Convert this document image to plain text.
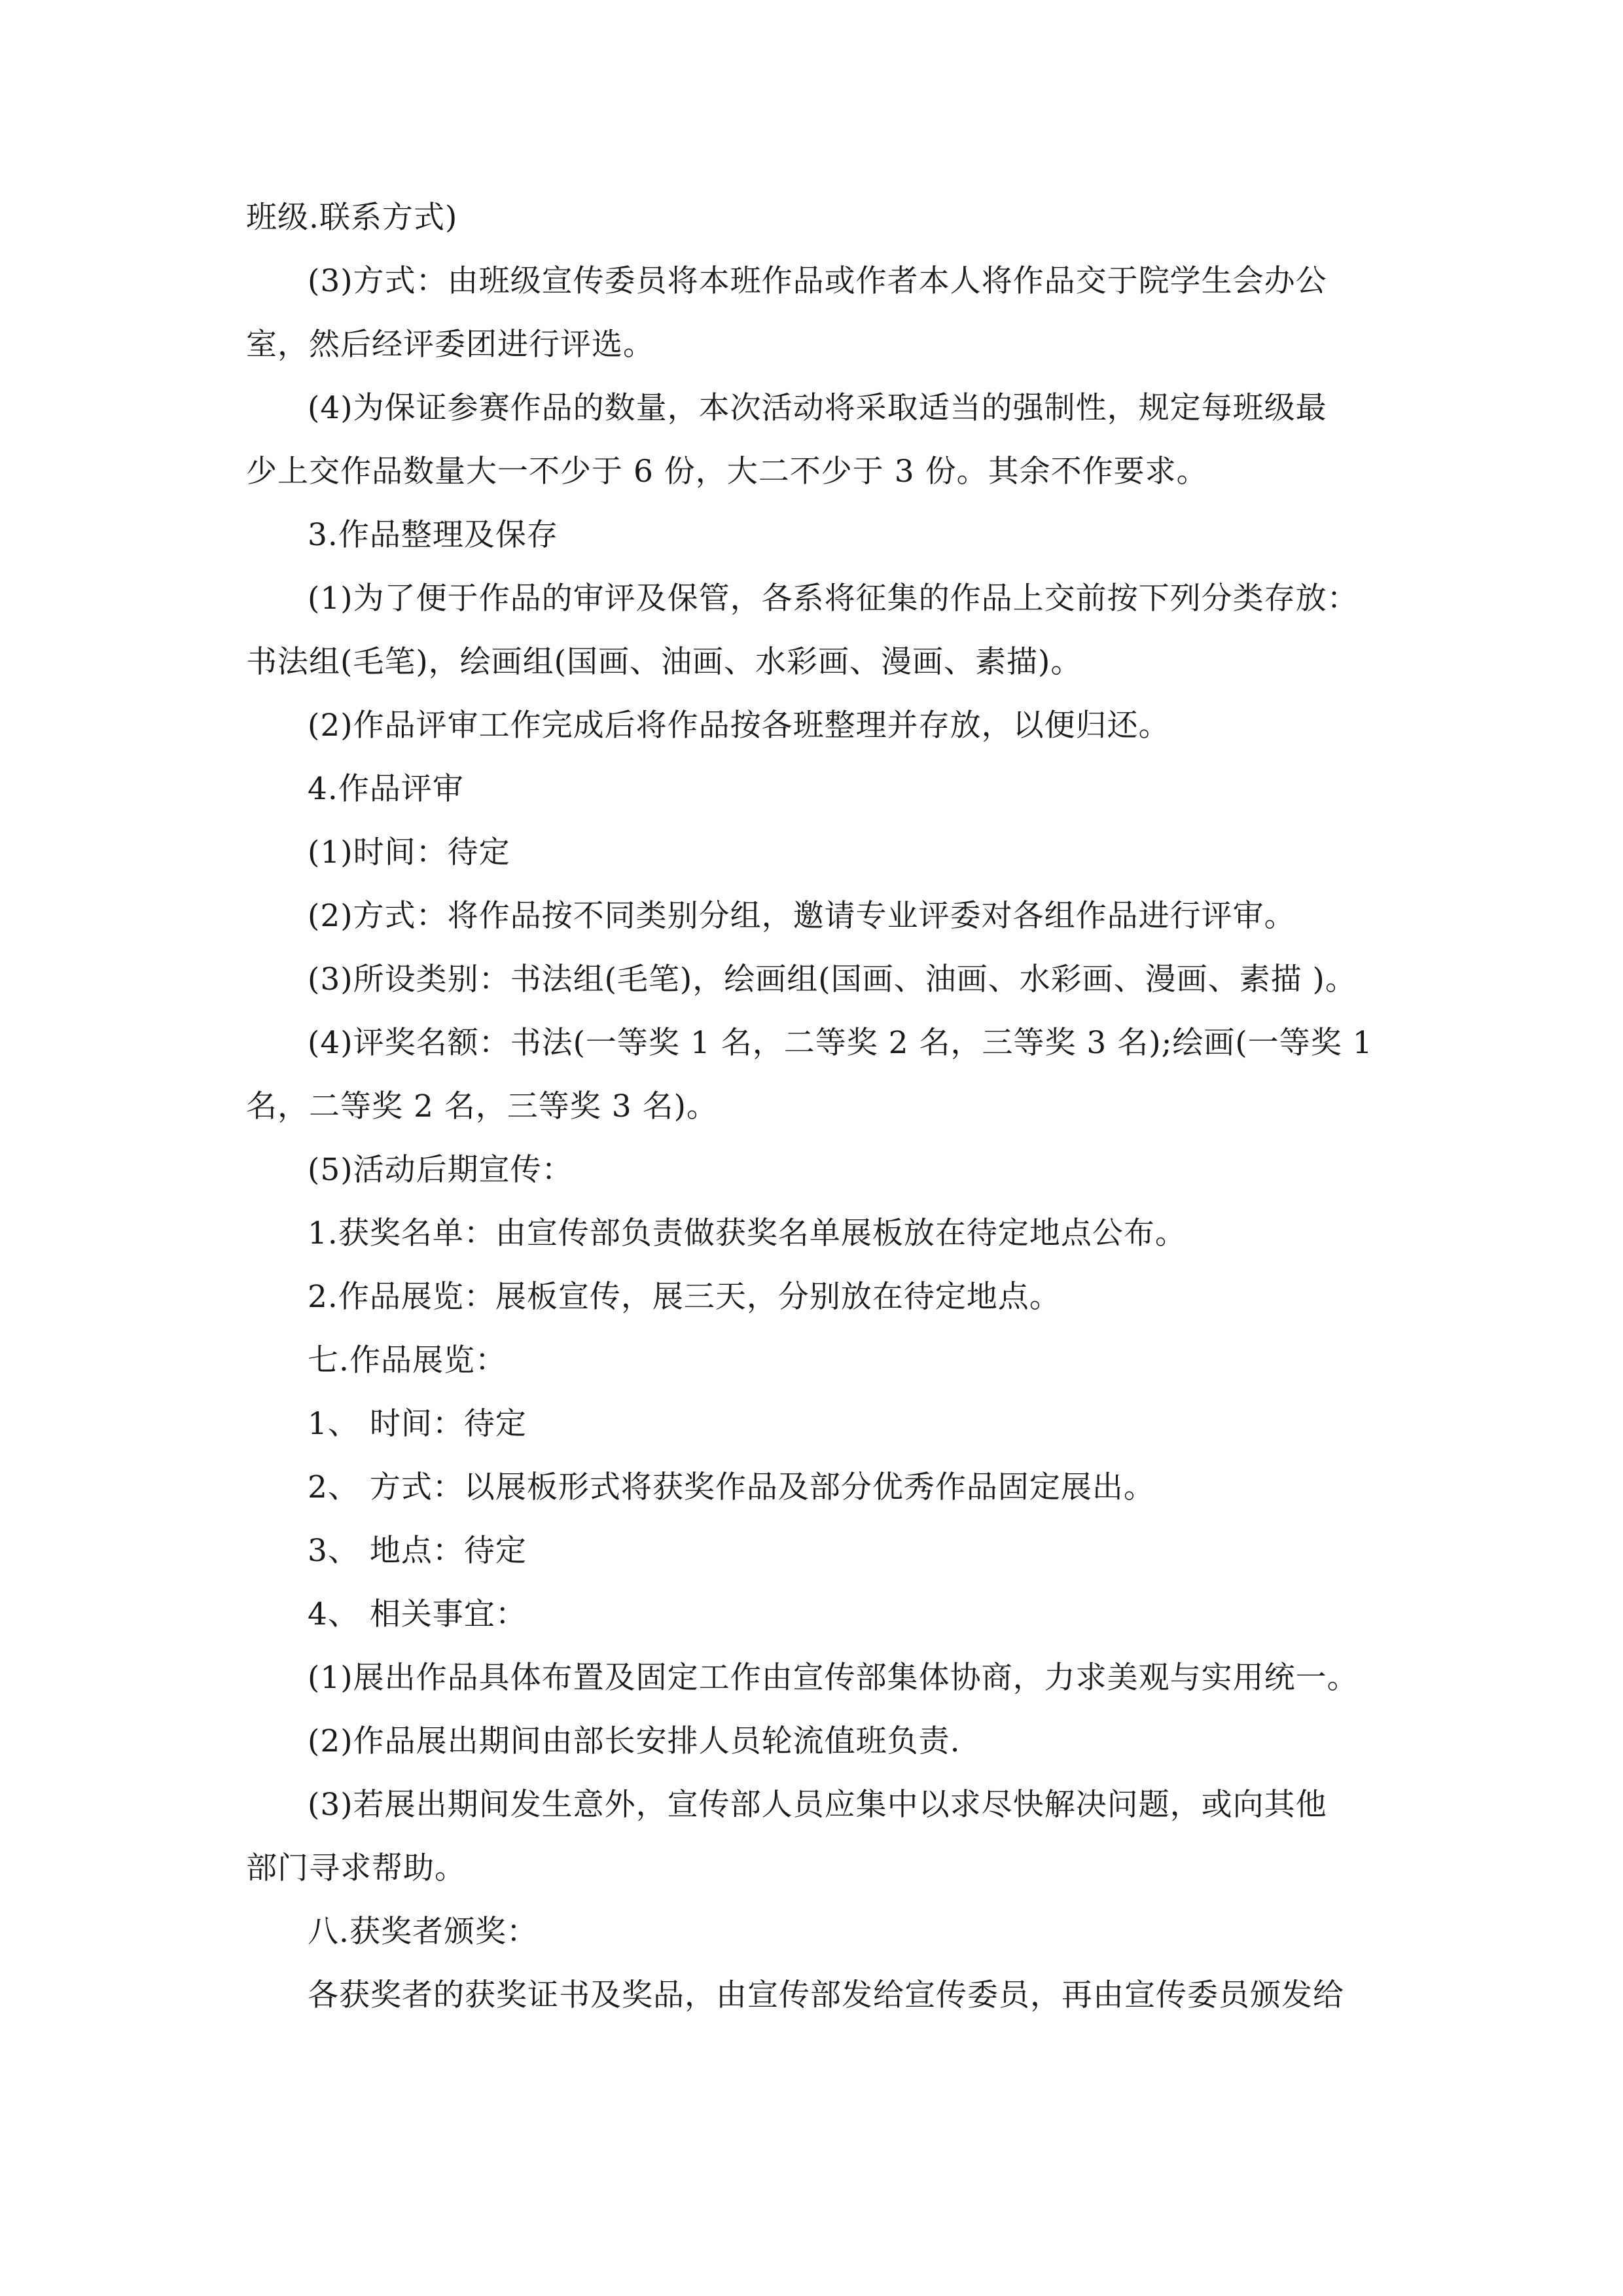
班级.联系方式)
(3)方式：由班级宣传委员将本班作品或作者本人将作品交于院学生会办公
室，然后经评委团进行评选。
(4)为保证参赛作品的数量，本次活动将采取适当的强制性，规定每班级最
少上交作品数量大一不少于 6 份，大二不少于 3 份。其余不作要求。
3.作品整理及保存
(1)为了便于作品的审评及保管，各系将征集的作品上交前按下列分类存放：
书法组(毛笔)，绘画组(国画、油画、水彩画、漫画、素描)。
(2)作品评审工作完成后将作品按各班整理并存放，以便归还。
4.作品评审
(1)时间：待定
(2)方式：将作品按不同类别分组，邀请专业评委对各组作品进行评审。
(3)所设类别：书法组(毛笔)，绘画组(国画、油画、水彩画、漫画、素描 )。
(4)评奖名额：书法(一等奖 1 名，二等奖 2 名，三等奖 3 名);绘画(一等奖 1
名，二等奖 2 名，三等奖 3 名)。
(5)活动后期宣传：
1.获奖名单：由宣传部负责做获奖名单展板放在待定地点公布。
2.作品展览：展板宣传，展三天，分别放在待定地点。
七.作品展览：
1、 时间：待定
2、 方式：以展板形式将获奖作品及部分优秀作品固定展出。
3、 地点：待定
4、 相关事宜：
(1)展出作品具体布置及固定工作由宣传部集体协商，力求美观与实用统一。
(2)作品展出期间由部长安排人员轮流值班负责.
(3)若展出期间发生意外，宣传部人员应集中以求尽快解决问题，或向其他
部门寻求帮助。
八.获奖者颁奖：
各获奖者的获奖证书及奖品，由宣传部发给宣传委员，再由宣传委员颁发给
